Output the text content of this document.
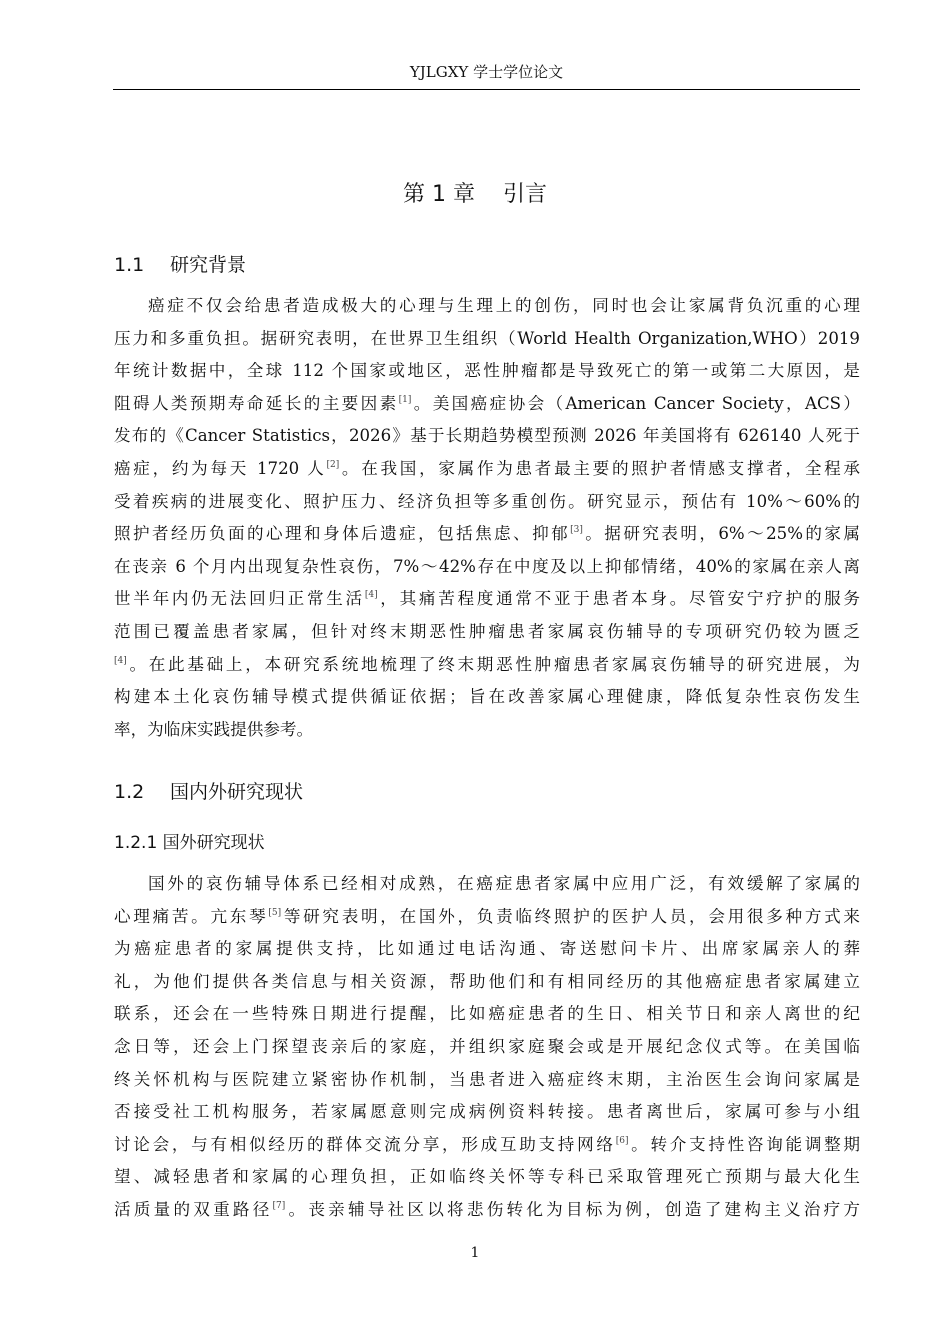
YJLGXY 学士学位论文
第 1 章 引言
1.1 研究背景
癌症不仅会给患者造成极大的心理与生理上的创伤，同时也会让家属背负沉重的心理
压力和多重负担。据研究表明，在世界卫生组织（World Health Organization,WHO）2019
年统计数据中，全球 112 个国家或地区，恶性肿瘤都是导致死亡的第一或第二大原因，是
阻碍人类预期寿命延长的主要因素[1]。美国癌症协会（American Cancer Society，ACS）
发布的《Cancer Statistics，2026》基于长期趋势模型预测 2026 年美国将有 626140 人死于
癌症，约为每天 1720 人[2]。在我国，家属作为患者最主要的照护者情感支撑者，全程承
受着疾病的进展变化、照护压力、经济负担等多重创伤。研究显示，预估有 10%～60%的
照护者经历负面的心理和身体后遗症，包括焦虑、抑郁[3]。据研究表明，6%～25%的家属
在丧亲 6 个月内出现复杂性哀伤，7%～42%存在中度及以上抑郁情绪，40%的家属在亲人离
世半年内仍无法回归正常生活[4]，其痛苦程度通常不亚于患者本身。尽管安宁疗护的服务
范围已覆盖患者家属，但针对终末期恶性肿瘤患者家属哀伤辅导的专项研究仍较为匮乏
[4]。在此基础上，本研究系统地梳理了终末期恶性肿瘤患者家属哀伤辅导的研究进展，为
构建本土化哀伤辅导模式提供循证依据；旨在改善家属心理健康，降低复杂性哀伤发生
率，为临床实践提供参考。
1.2 国内外研究现状
1.2.1 国外研究现状
国外的哀伤辅导体系已经相对成熟，在癌症患者家属中应用广泛，有效缓解了家属的
心理痛苦。亢东琴[5]等研究表明，在国外，负责临终照护的医护人员，会用很多种方式来
为癌症患者的家属提供支持，比如通过电话沟通、寄送慰问卡片、出席家属亲人的葬
礼，为他们提供各类信息与相关资源，帮助他们和有相同经历的其他癌症患者家属建立
联系，还会在一些特殊日期进行提醒，比如癌症患者的生日、相关节日和亲人离世的纪
念日等，还会上门探望丧亲后的家庭，并组织家庭聚会或是开展纪念仪式等。在美国临
终关怀机构与医院建立紧密协作机制，当患者进入癌症终末期，主治医生会询问家属是
否接受社工机构服务，若家属愿意则完成病例资料转接。患者离世后，家属可参与小组
讨论会，与有相似经历的群体交流分享，形成互助支持网络[6]。转介支持性咨询能调整期
望、减轻患者和家属的心理负担，正如临终关怀等专科已采取管理死亡预期与最大化生
活质量的双重路径[7]。丧亲辅导社区以将悲伤转化为目标为例，创造了建构主义治疗方
1
